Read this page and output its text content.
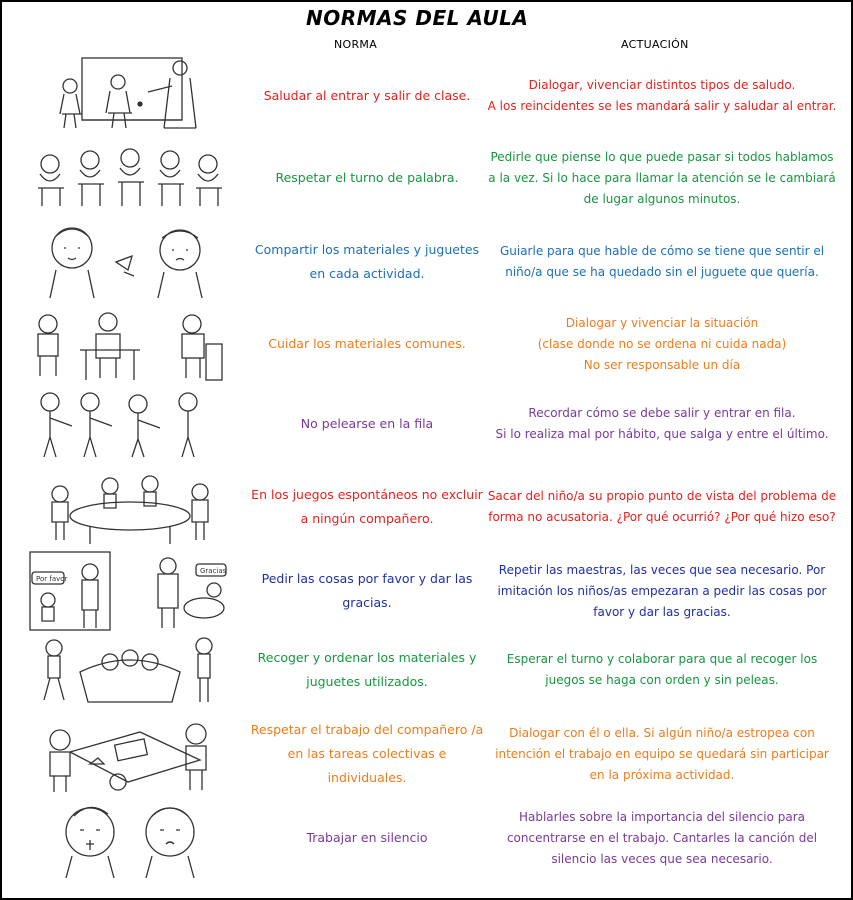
NORMAS DEL AULA
NORMA	ACTUACIÓN
Saludar al entrar y salir de clase.
Dialogar, vivenciar distintos tipos de saludo.
A los reincidentes se les mandará salir y saludar al entrar.
Respetar el turno de palabra.
Pedirle que piense lo que puede pasar si todos hablamos a la vez. Si lo hace para llamar la atención se le cambiará de lugar algunos minutos.
Compartir los materiales y juguetes en cada actividad.
Guiarle para que hable de cómo se tiene que sentir el niño/a que se ha quedado sin el juguete que quería.
Cuidar los materiales comunes.
Dialogar y vivenciar la situación
(clase donde no se ordena ni cuida nada)
No ser responsable un día
No pelearse en la fila
Recordar cómo se debe salir y entrar en fila.
Si lo realiza mal por hábito, que salga y entre el último.
En los juegos espontáneos no excluir a ningún compañero.
Sacar del niño/a su propio punto de vista del problema de forma no acusatoria. ¿Por qué ocurrió? ¿Por qué hizo eso?
Por favor
Gracias	Pedir las cosas por favor y dar las gracias.
Repetir las maestras, las veces que sea necesario. Por imitación los niños/as empezaran a pedir las cosas por favor y dar las gracias.
Recoger y ordenar los materiales y juguetes utilizados.
Esperar el turno y colaborar para que al recoger los juegos se haga con orden y sin peleas.
Respetar el trabajo del compañero /a en las tareas colectivas e individuales.
Dialogar con él o ella. Si algún niño/a estropea con intención el trabajo en equipo se quedará sin participar en la próxima actividad.
Trabajar en silencio
Hablarles sobre la importancia del silencio para concentrarse en el trabajo. Cantarles la canción del silencio las veces que sea necesario.
